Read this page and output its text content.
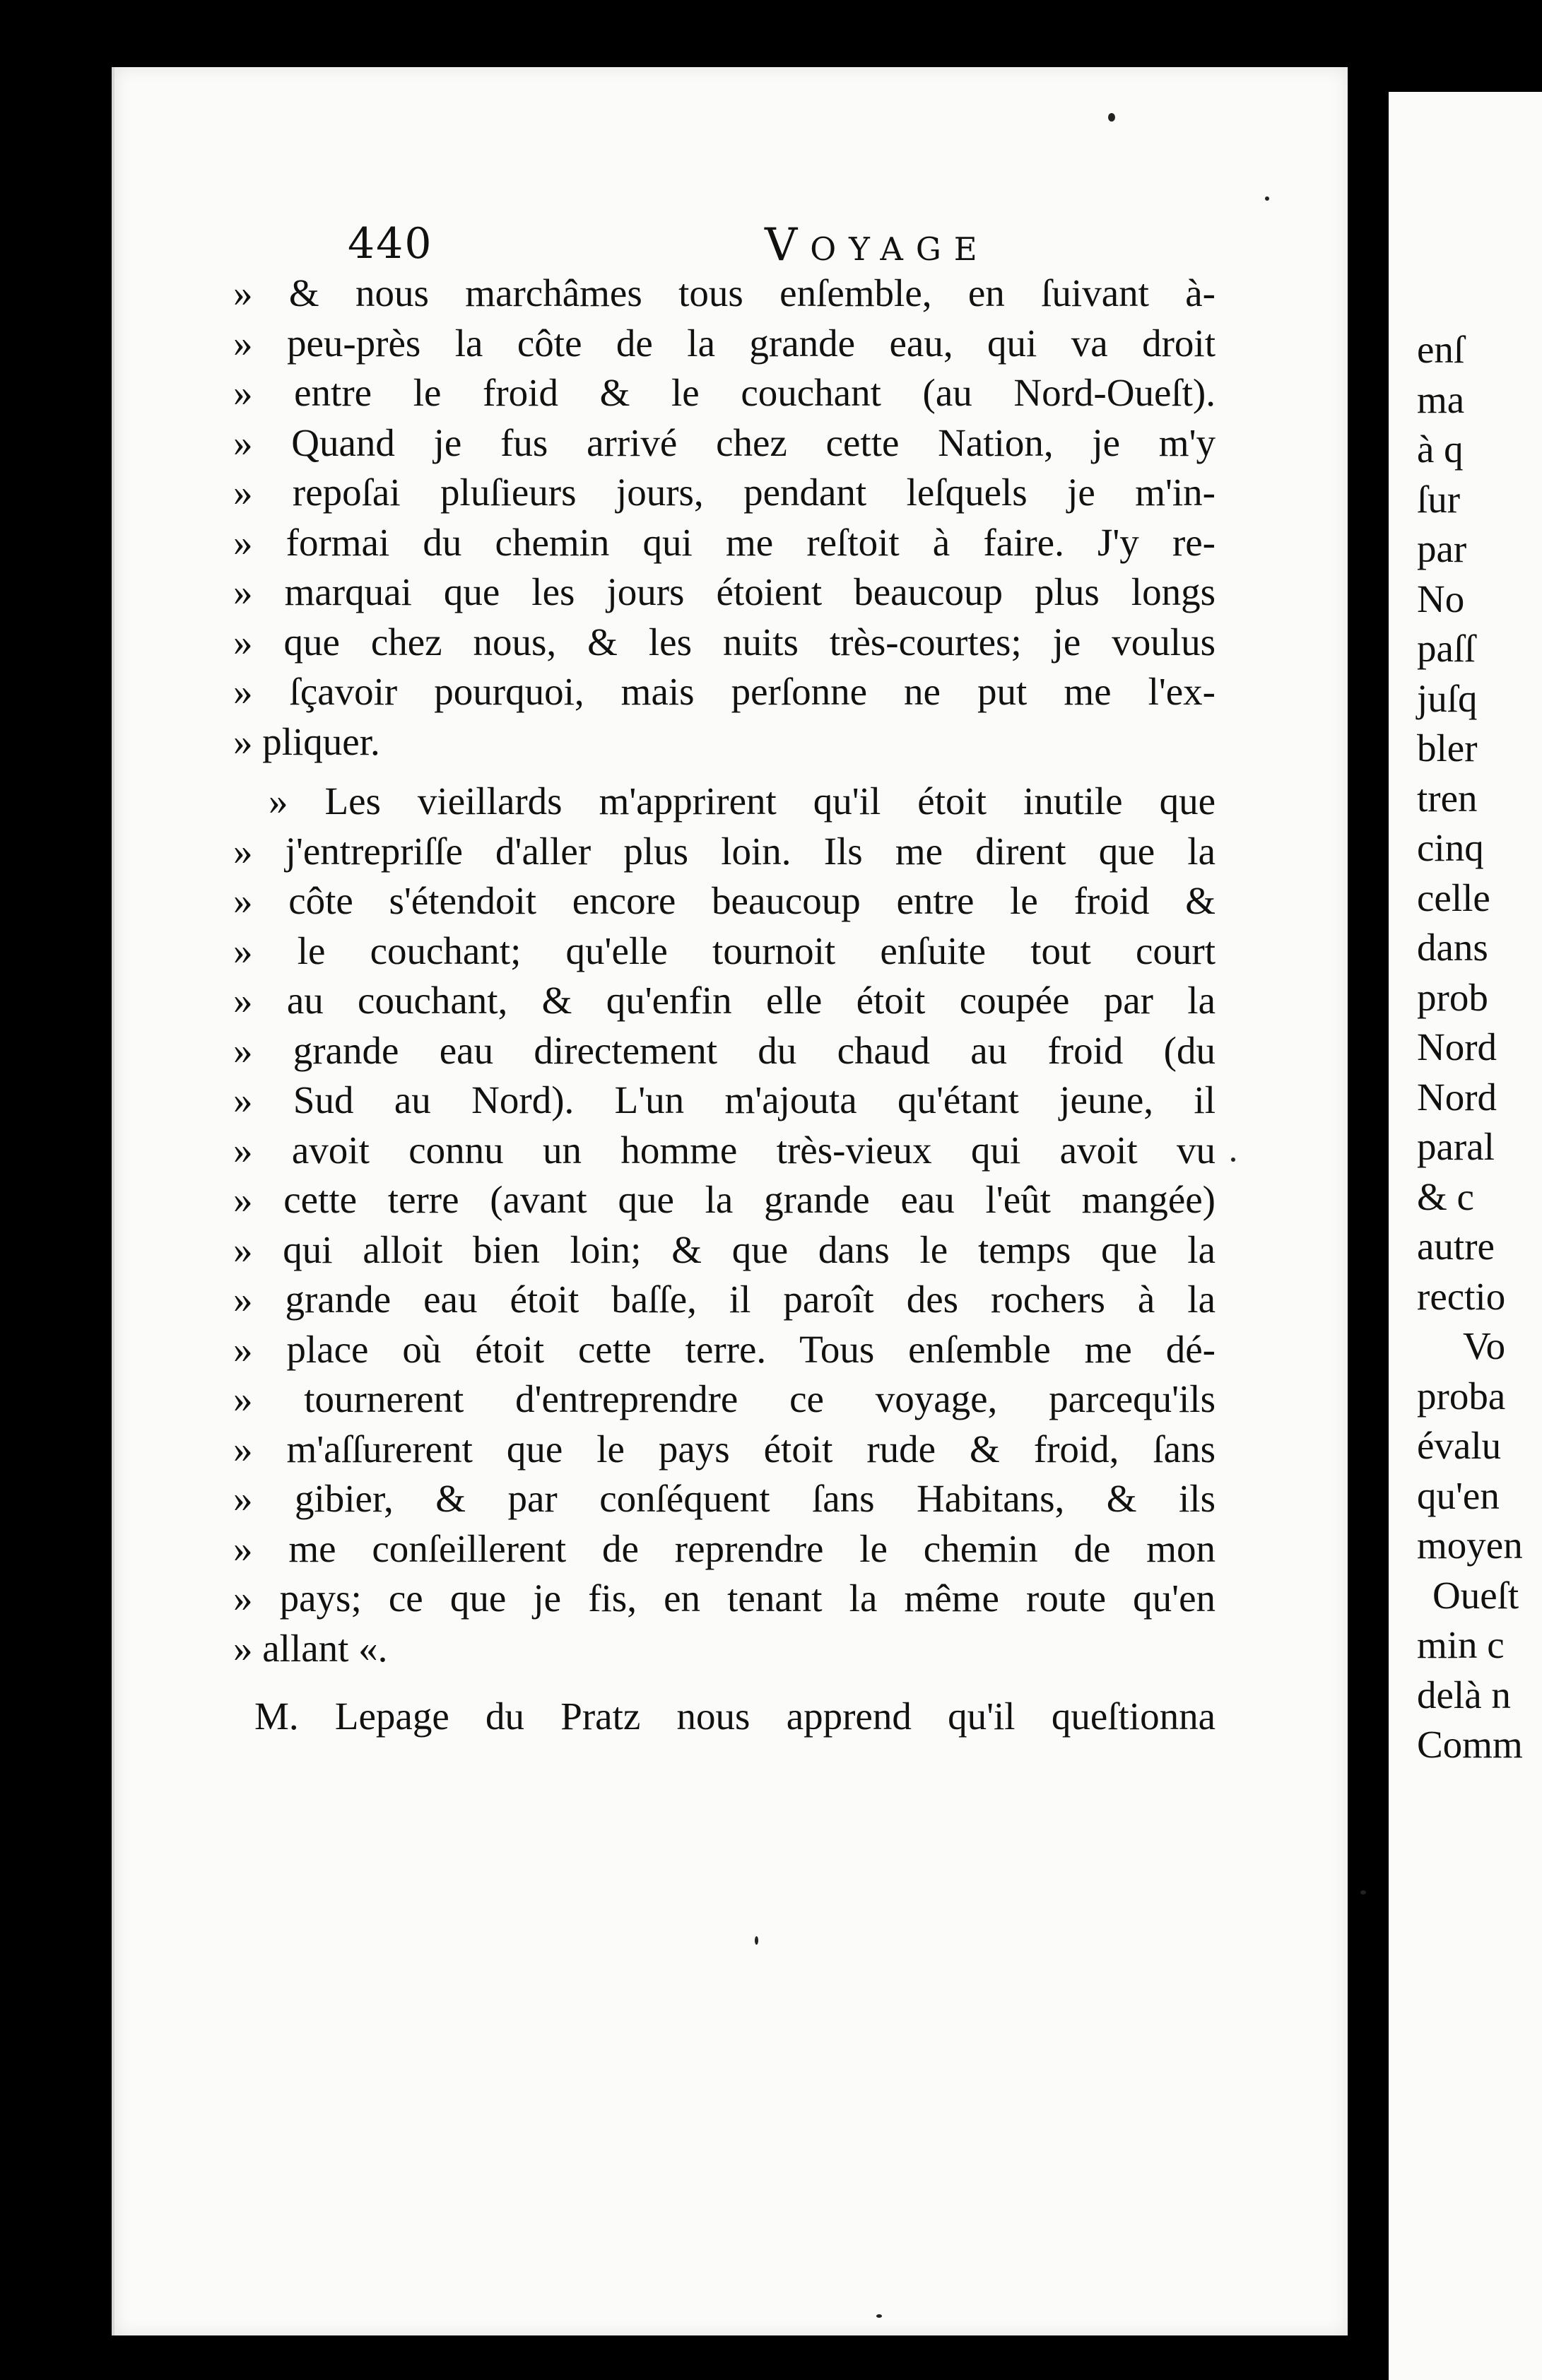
440	Voyage
» & nous marchâmes tous enſemble, en ſuivant à-
» peu-près la côte de la grande eau, qui va droit
» entre le froid & le couchant (au Nord-Oueſt).
» Quand je fus arrivé chez cette Nation, je m'y
» repoſai pluſieurs jours, pendant leſquels je m'in-
» formai du chemin qui me reſtoit à faire. J'y re-
» marquai que les jours étoient beaucoup plus longs
» que chez nous, & les nuits très-courtes; je voulus
» ſçavoir pourquoi, mais perſonne ne put me l'ex-
» pliquer.
» Les vieillards m'apprirent qu'il étoit inutile que
» j'entrepriſſe d'aller plus loin. Ils me dirent que la
» côte s'étendoit encore beaucoup entre le froid &
» le couchant; qu'elle tournoit enſuite tout court
» au couchant, & qu'enfin elle étoit coupée par la
» grande eau directement du chaud au froid (du
» Sud au Nord). L'un m'ajouta qu'étant jeune, il
» avoit connu un homme très-vieux qui avoit vu
» cette terre (avant que la grande eau l'eût mangée)
» qui alloit bien loin; & que dans le temps que la
» grande eau étoit baſſe, il paroît des rochers à la
» place où étoit cette terre. Tous enſemble me dé-
» tournerent d'entreprendre ce voyage, parcequ'ils
» m'aſſurerent que le pays étoit rude & froid, ſans
» gibier, & par conſéquent ſans Habitans, & ils
» me conſeillerent de reprendre le chemin de mon
» pays; ce que je fis, en tenant la même route qu'en
» allant «.
M. Lepage du Pratz nous apprend qu'il queſtionna
enſ
ma
à q
ſur
par
No
paſſ
juſq
bler
tren
cinq
celle
dans
prob
Nord
Nord
paral
& c
autre
rectio
Vo
proba
évalu
qu'en
moyen
Oueſt
min c
delà n
Comm
